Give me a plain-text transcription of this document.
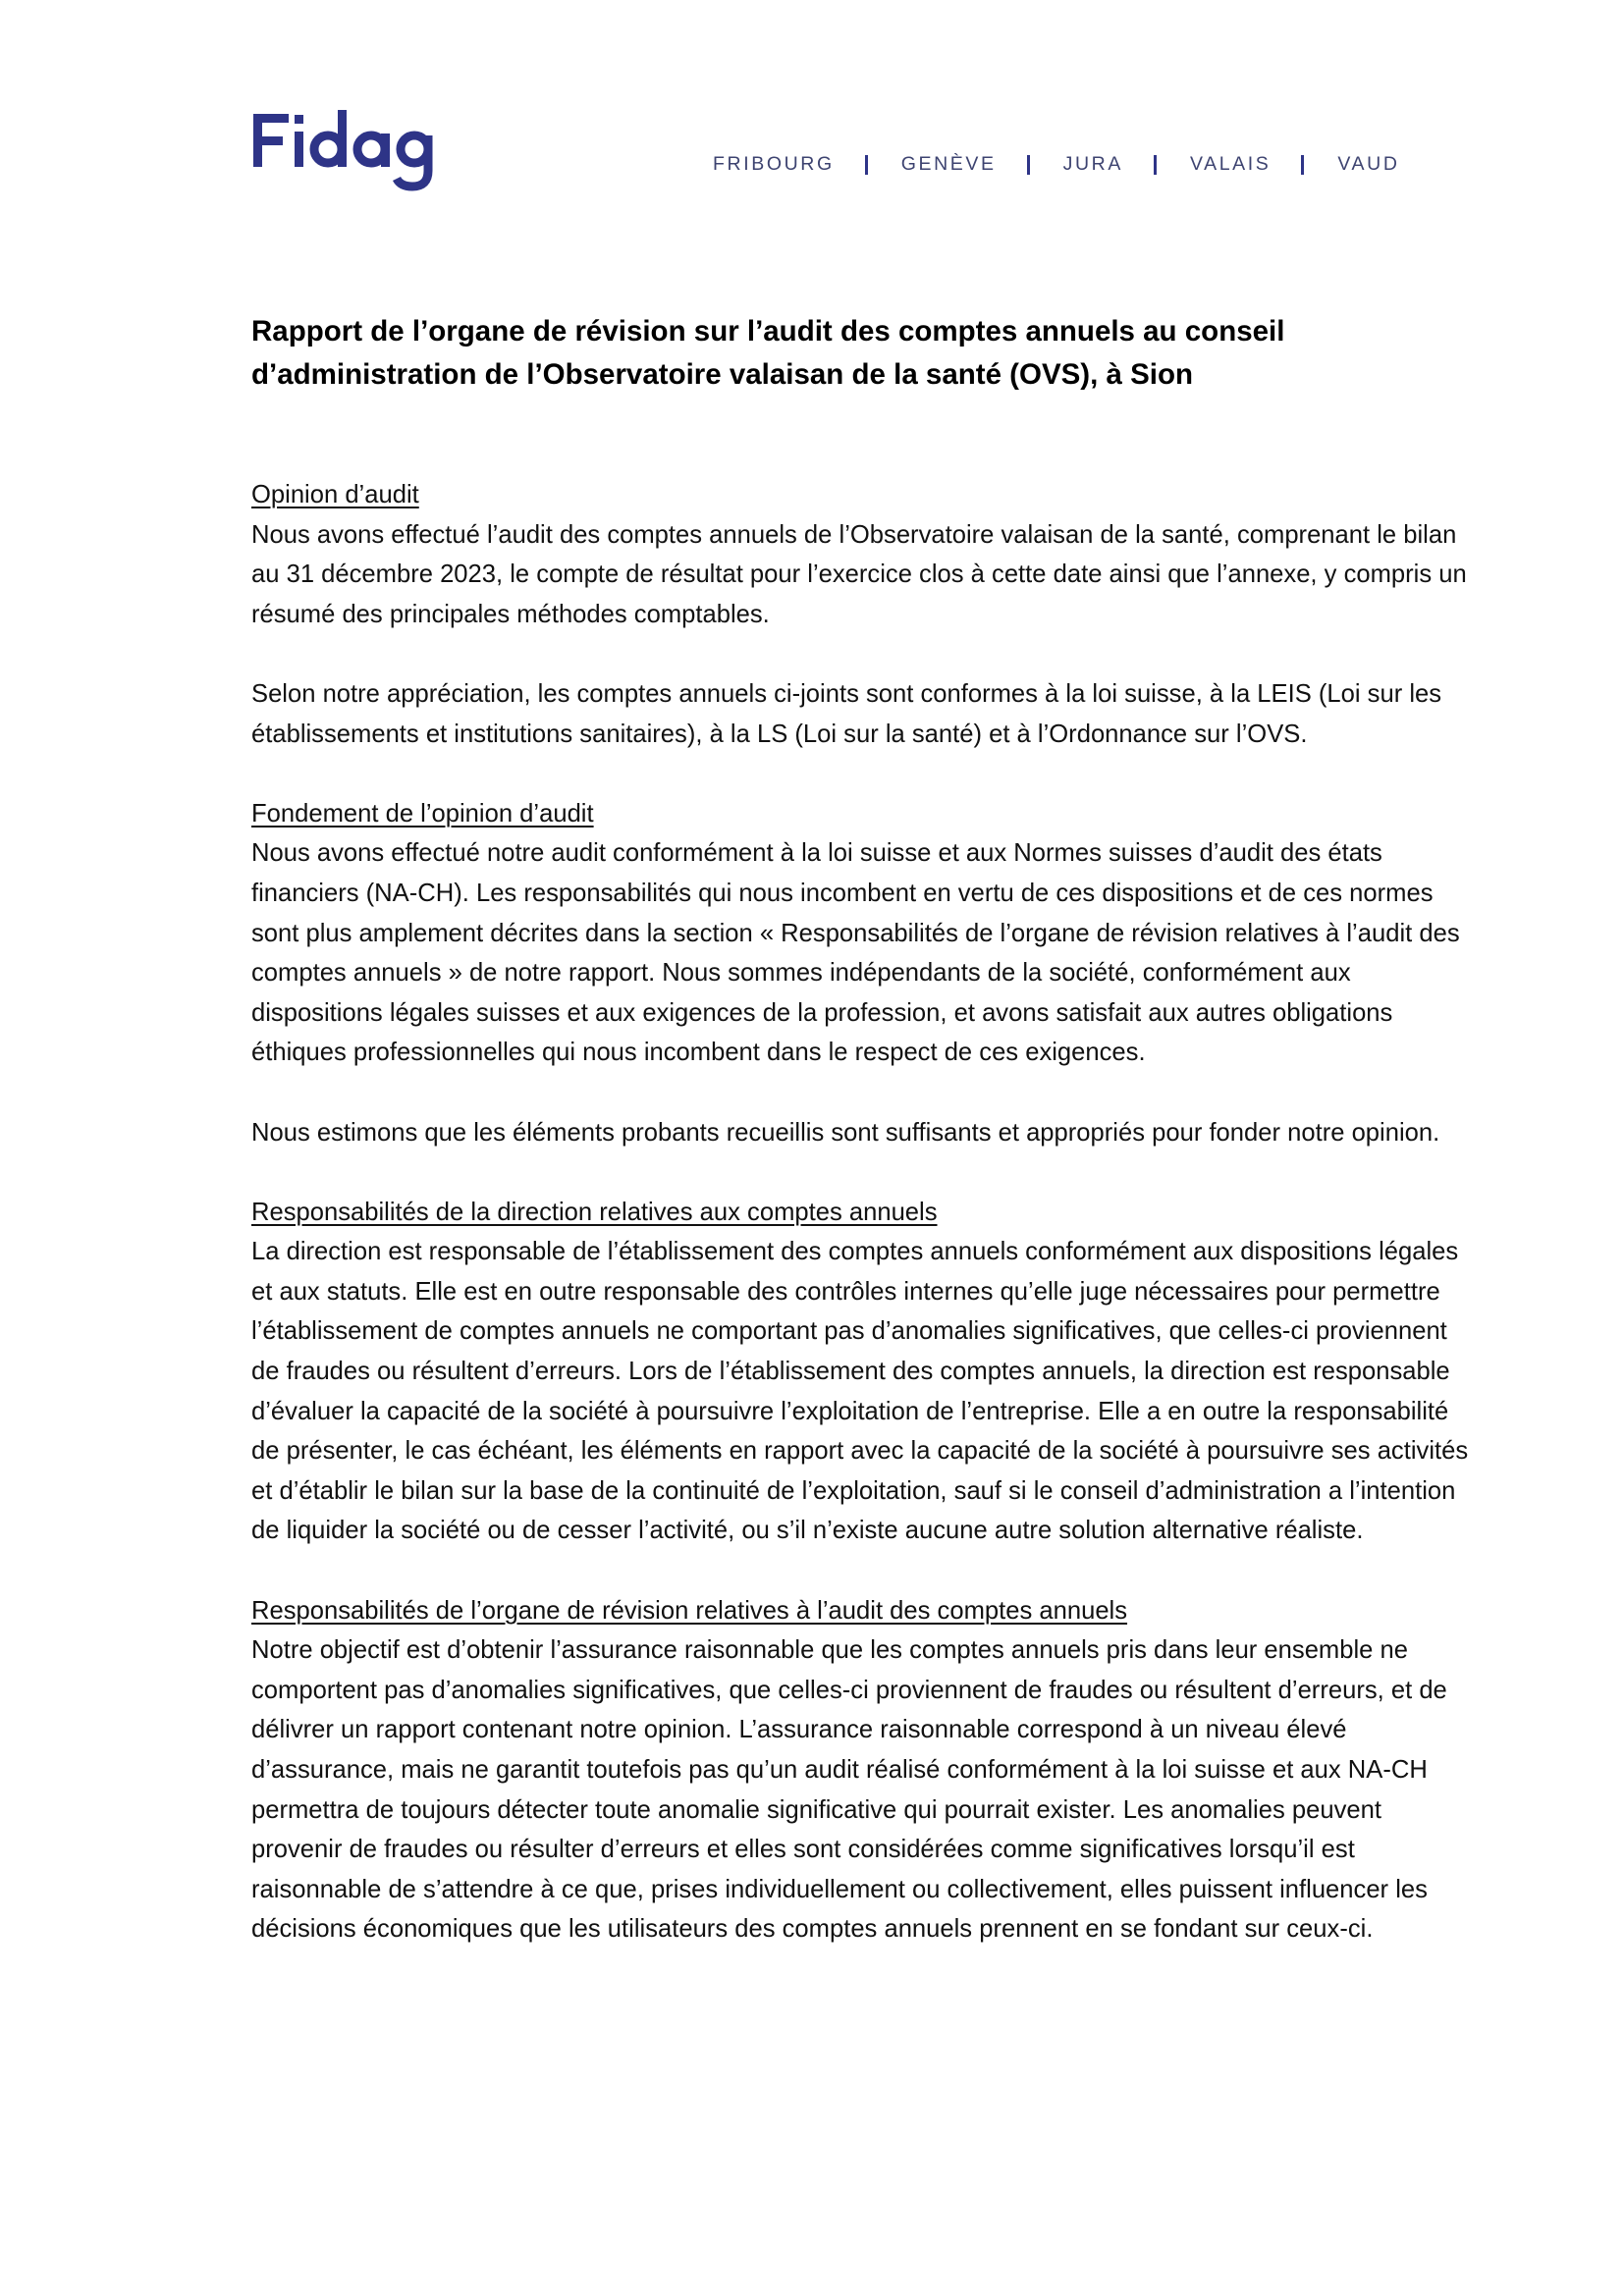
FRIBOURG	GENÈVE	JURA	VALAIS	VAUD
Rapport de l’organe de révision sur l’audit des comptes annuels au conseil
d’administration de l’Observatoire valaisan de la santé (OVS), à Sion
Opinion d’audit

Nous avons effectué l’audit des comptes annuels de l’Observatoire valaisan de la santé, comprenant le bilan au 31 décembre 2023, le compte de résultat pour l’exercice clos à cette date ainsi que l’annexe, y compris un résumé des principales méthodes comptables.

Selon notre appréciation, les comptes annuels ci-joints sont conformes à la loi suisse, à la LEIS (Loi sur les établissements et institutions sanitaires), à la LS (Loi sur la santé) et à l’Ordonnance sur l’OVS.

Fondement de l’opinion d’audit

Nous avons effectué notre audit conformément à la loi suisse et aux Normes suisses d’audit des états financiers (NA-CH). Les responsabilités qui nous incombent en vertu de ces dispositions et de ces normes sont plus amplement décrites dans la section « Responsabilités de l’organe de révision relatives à l’audit des comptes annuels » de notre rapport. Nous sommes indépendants de la société, conformément aux dispositions légales suisses et aux exigences de la profession, et avons satisfait aux autres obligations éthiques professionnelles qui nous incombent dans le respect de ces exigences.

Nous estimons que les éléments probants recueillis sont suffisants et appropriés pour fonder notre opinion.

Responsabilités de la direction relatives aux comptes annuels

La direction est responsable de l’établissement des comptes annuels conformément aux dispositions légales et aux statuts. Elle est en outre responsable des contrôles internes qu’elle juge nécessaires pour permettre l’établissement de comptes annuels ne comportant pas d’anomalies significatives, que celles-ci proviennent de fraudes ou résultent d’erreurs. Lors de l’établissement des comptes annuels, la direction est responsable d’évaluer la capacité de la société à poursuivre l’exploitation de l’entreprise. Elle a en outre la responsabilité de présenter, le cas échéant, les éléments en rapport avec la capacité de la société à poursuivre ses activités et d’établir le bilan sur la base de la continuité de l’exploitation, sauf si le conseil d’administration a l’intention de liquider la société ou de cesser l’activité, ou s’il n’existe aucune autre solution alternative réaliste.

Responsabilités de l’organe de révision relatives à l’audit des comptes annuels

Notre objectif est d’obtenir l’assurance raisonnable que les comptes annuels pris dans leur ensemble ne comportent pas d’anomalies significatives, que celles-ci proviennent de fraudes ou résultent d’erreurs, et de délivrer un rapport contenant notre opinion. L’assurance raisonnable correspond à un niveau élevé d’assurance, mais ne garantit toutefois pas qu’un audit réalisé conformément à la loi suisse et aux NA-CH permettra de toujours détecter toute anomalie significative qui pourrait exister. Les anomalies peuvent provenir de fraudes ou résulter d’erreurs et elles sont considérées comme significatives lorsqu’il est raisonnable de s’attendre à ce que, prises individuellement ou collectivement, elles puissent influencer les décisions économiques que les utilisateurs des comptes annuels prennent en se fondant sur ceux-ci.
